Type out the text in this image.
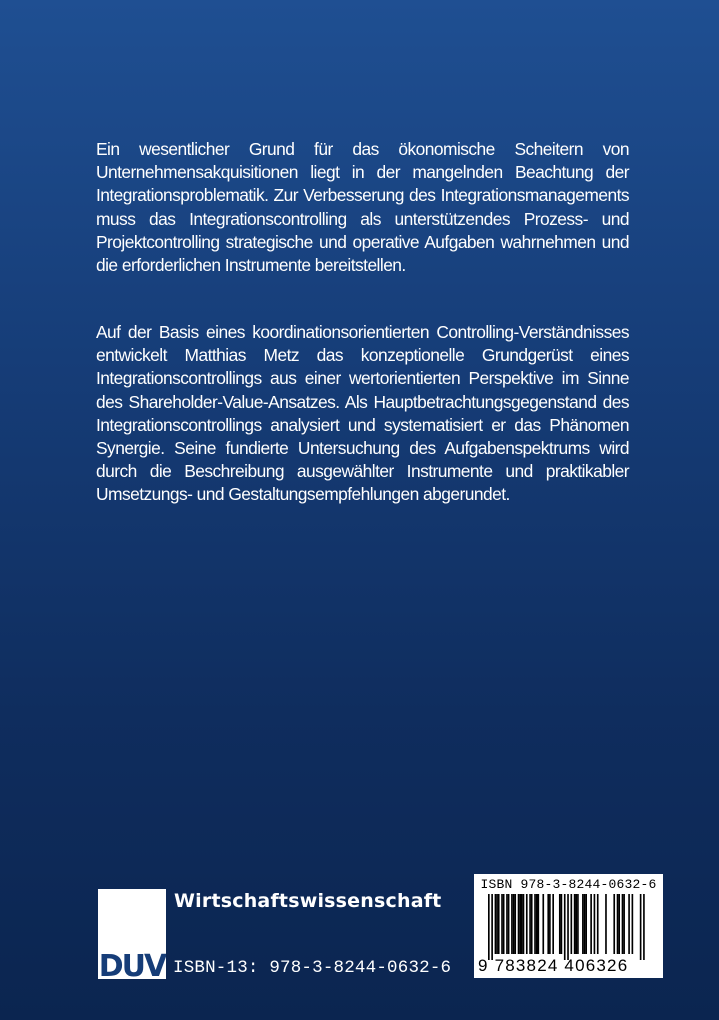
Ein wesentlicher Grund für das ökonomische Scheitern von Unternehmensakquisitionen liegt in der mangelnden Beachtung der Integrationsproblematik. Zur Verbesserung des Integrationsmanagements muss das Integrationscontrolling als unterstützendes Prozess- und Projektcontrolling strategische und operative Aufgaben wahrnehmen und die erforderlichen Instrumente bereitstellen.

Auf der Basis eines koordinationsorientierten Controlling-Verständnisses entwickelt Matthias Metz das konzeptionelle Grundgerüst eines Integrationscontrollings aus einer wertorientierten Perspektive im Sinne des Shareholder-Value-Ansatzes. Als Hauptbetrachtungsgegenstand des Integrationscontrollings analysiert und systematisiert er das Phänomen Synergie. Seine fundierte Untersuchung des Aufgabenspektrums wird durch die Beschreibung ausgewählter Instrumente und praktikabler Umsetzungs- und Gestaltungsempfehlungen abgerundet.

DUV
Wirtschaftswissenschaft
ISBN-13: 978-3-8244-0632-6
ISBN 978-3-8244-0632-6
9 783824 406326
